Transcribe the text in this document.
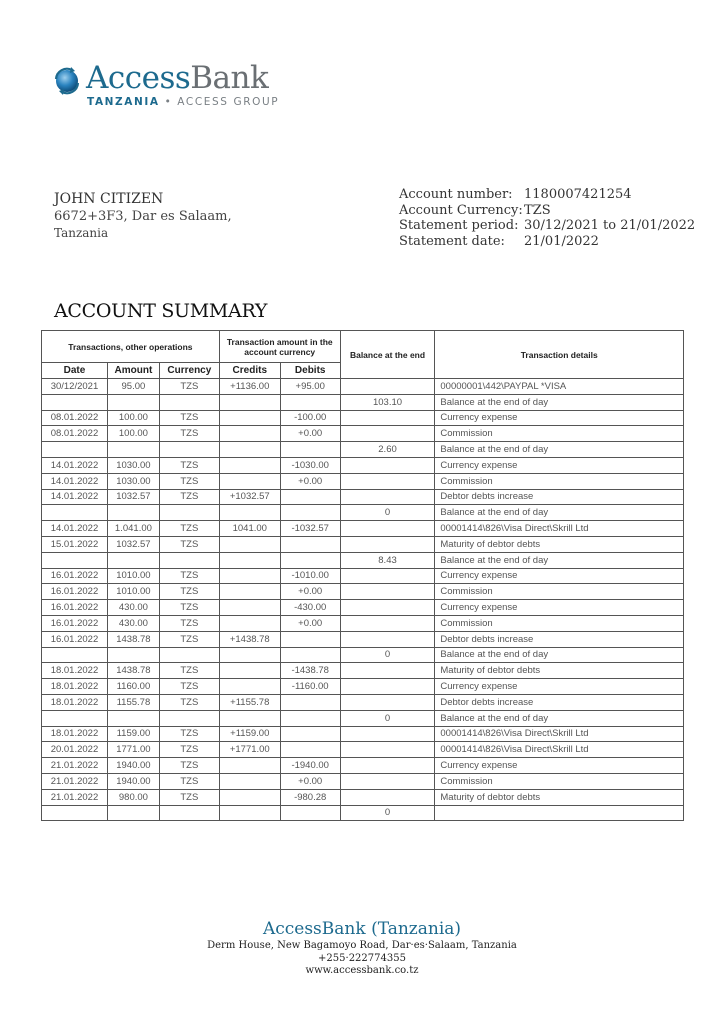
AccessBank
TANZANIA • ACCESS GROUP
JOHN CITIZEN
6672+3F3, Dar es Salaam,
Tanzania
Account number: 1180007421254
Account Currency: TZS
Statement period: 30/12/2021 to 21/01/2022
Statement date:	21/01/2022
ACCOUNT SUMMARY
Transactions, other operations			Transaction amount in the account currency		Balance at the end	Transaction details
Date	Amount	Currency	Credits	Debits		
30/12/2021	95.00	TZS	+1136.00	+95.00		00000001\442\PAYPAL *VISA
					103.10	Balance at the end of day
08.01.2022	100.00	TZS		-100.00		Currency expense
08.01.2022	100.00	TZS		+0.00		Commission
					2.60	Balance at the end of day
14.01.2022	1030.00	TZS		-1030.00		Currency expense
14.01.2022	1030.00	TZS		+0.00		Commission
14.01.2022	1032.57	TZS	+1032.57			Debtor debts increase
					0	Balance at the end of day
14.01.2022	1.041.00	TZS	1041.00	-1032.57		00001414\826\Visa Direct\Skrill Ltd
15.01.2022	1032.57	TZS				Maturity of debtor debts
					8.43	Balance at the end of day
16.01.2022	1010.00	TZS		-1010.00		Currency expense
16.01.2022	1010.00	TZS		+0.00		Commission
16.01.2022	430.00	TZS		-430.00		Currency expense
16.01.2022	430.00	TZS		+0.00		Commission
16.01.2022	1438.78	TZS	+1438.78			Debtor debts increase
					0	Balance at the end of day
18.01.2022	1438.78	TZS		-1438.78		Maturity of debtor debts
18.01.2022	1160.00	TZS		-1160.00		Currency expense
18.01.2022	1155.78	TZS	+1155.78			Debtor debts increase
					0	Balance at the end of day
18.01.2022	1159.00	TZS	+1159.00			00001414\826\Visa Direct\Skrill Ltd
20.01.2022	1771.00	TZS	+1771.00			00001414\826\Visa Direct\Skrill Ltd
21.01.2022	1940.00	TZS		-1940.00		Currency expense
21.01.2022	1940.00	TZS		+0.00		Commission
21.01.2022	980.00	TZS		-980.28		Maturity of debtor debts
					0	
AccessBank (Tanzania)
Derm House, New Bagamoyo Road, Dar·es·Salaam, Tanzania
+255·222774355
www.accessbank.co.tz
